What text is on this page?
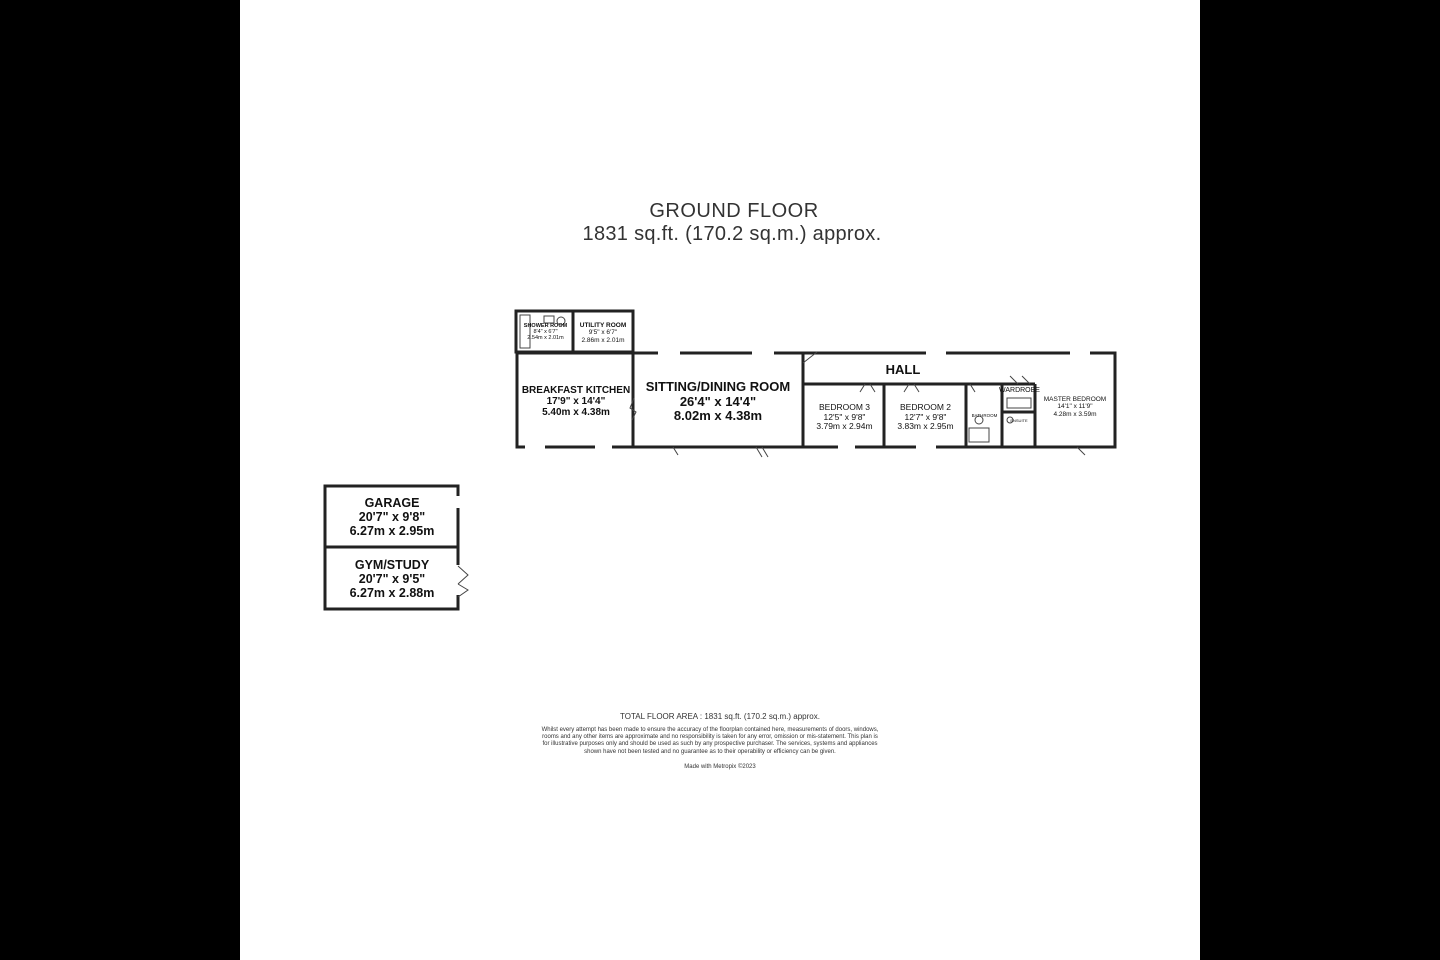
GROUND FLOOR
1831 sq.ft. (170.2 sq.m.) approx.
SHOWER ROOM
8'4" x 6'7"
2.54m x 2.01m
UTILITY ROOM
9'5" x 6'7"
2.86m x 2.01m
BREAKFAST KITCHEN
17'9" x 14'4"
5.40m x 4.38m
SITTING/DINING ROOM
26'4" x 14'4"
8.02m x 4.38m
HALL
BEDROOM 3
12'5" x 9'8"
3.79m x 2.94m
BEDROOM 2
12'7" x 9'8"
3.83m x 2.95m
BATHROOM
WARDROBE
ENSUITE
MASTER BEDROOM
14'1" x 11'9"
4.28m x 3.59m
GARAGE
20'7" x 9'8"
6.27m x 2.95m
GYM/STUDY
20'7" x 9'5"
6.27m x 2.88m
TOTAL FLOOR AREA : 1831 sq.ft. (170.2 sq.m.) approx.
Whilst every attempt has been made to ensure the accuracy of the floorplan contained here, measurements of doors, windows, rooms and any other items are approximate and no responsibility is taken for any error, omission or mis-statement. This plan is for illustrative purposes only and should be used as such by any prospective purchaser. The services, systems and appliances shown have not been tested and no guarantee as to their operability or efficiency can be given.
Made with Metropix ©2023
